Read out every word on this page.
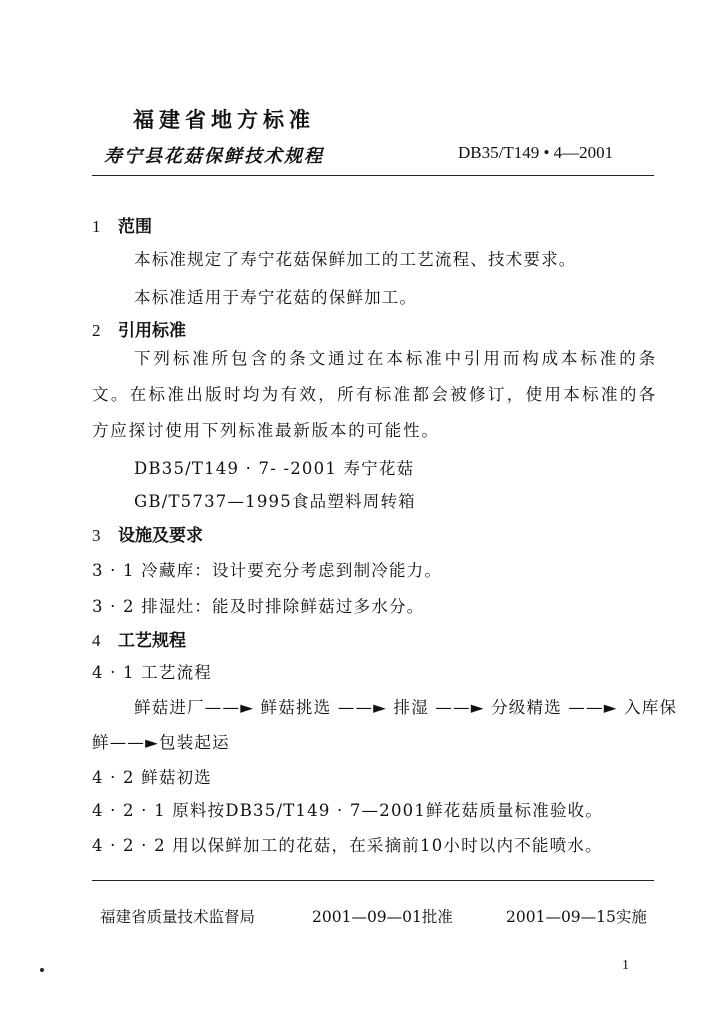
福建省地方标准
寿宁县花菇保鲜技术规程	DB35/T149 • 4—2001
1 范围
本标准规定了寿宁花菇保鲜加工的工艺流程、技术要求。
本标准适用于寿宁花菇的保鲜加工。
2 引用标准
下列标准所包含的条文通过在本标准中引用而构成本标准的条文。在标准出版时均为有效，所有标准都会被修订，使用本标准的各方应探讨使用下列标准最新版本的可能性。
DB35/T149 · 7- -2001 寿宁花菇
GB/T5737—1995食品塑料周转箱
3 设施及要求
3 · 1 冷藏库：设计要充分考虑到制冷能力。
3 · 2 排湿灶：能及时排除鲜菇过多水分。
4 工艺规程
4 · 1 工艺流程
鲜菇进厂——► 鲜菇挑选 ——► 排湿 ——► 分级精选 ——► 入库保
鲜——►包装起运
4 · 2 鲜菇初选
4 · 2 · 1 原料按DB35/T149 · 7—2001鲜花菇质量标准验收。
4 · 2 · 2 用以保鲜加工的花菇，在采摘前10小时以内不能喷水。
福建省质量技术监督局	2001—09—01批准	2001—09—15实施
1
